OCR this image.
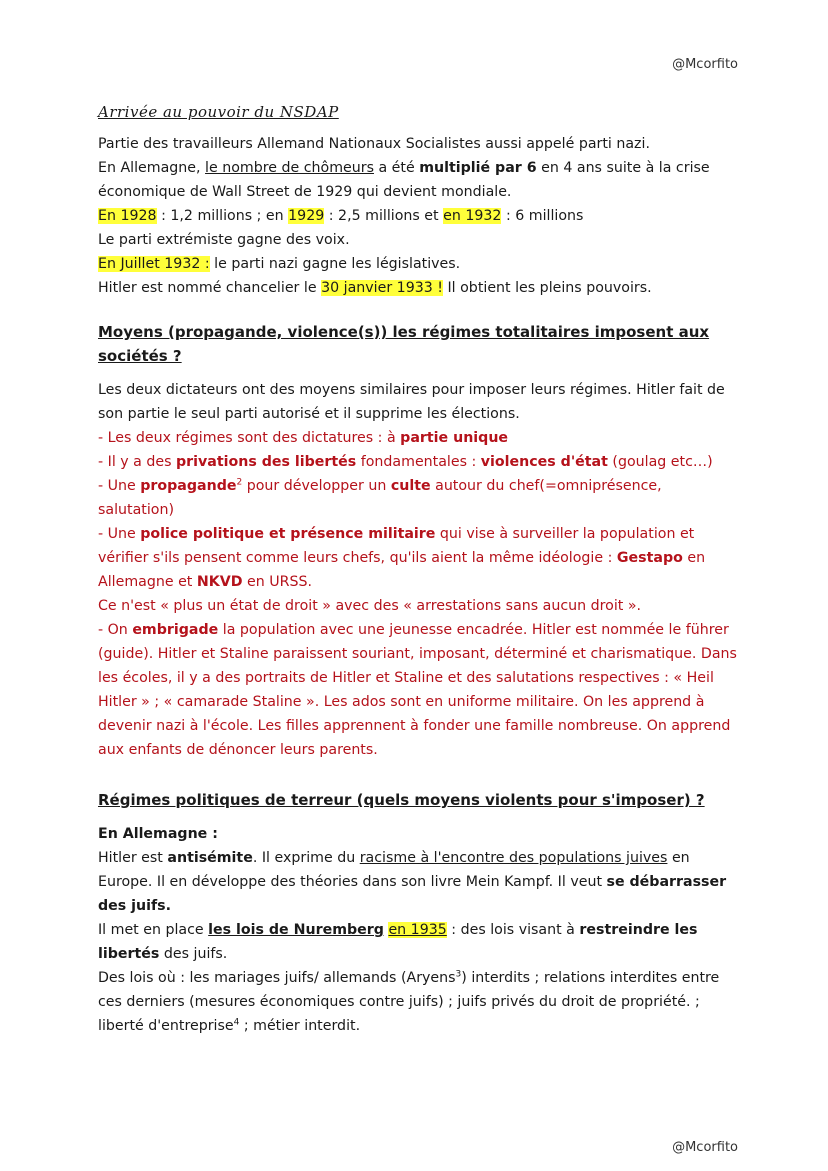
@Mcorfito
Arrivée au pouvoir du NSDAP
Partie des travailleurs Allemand Nationaux Socialistes aussi appelé parti nazi.
En Allemagne, le nombre de chômeurs a été multiplié par 6 en 4 ans suite à la crise
économique de Wall Street de 1929 qui devient mondiale.
En 1928 : 1,2 millions ; en 1929 : 2,5 millions et en 1932 : 6 millions
Le parti extrémiste gagne des voix.
En Juillet 1932 : le parti nazi gagne les législatives.
Hitler est nommé chancelier le 30 janvier 1933 ! Il obtient les pleins pouvoirs.
Moyens (propagande, violence(s)) les régimes totalitaires imposent aux sociétés ?
Les deux dictateurs ont des moyens similaires pour imposer leurs régimes. Hitler fait de son partie le seul parti autorisé et il supprime les élections.
- Les deux régimes sont des dictatures : à partie unique
- Il y a des privations des libertés fondamentales : violences d'état (goulag etc…)
- Une propagande$^2$ pour développer un culte autour du chef(=omniprésence, salutation)
- Une police politique et présence militaire qui vise à surveiller la population et vérifier s'ils pensent comme leurs chefs, qu'ils aient la même idéologie : Gestapo en Allemagne et NKVD en URSS.
Ce n'est « plus un état de droit » avec des « arrestations sans aucun droit ».
- On embrigade la population avec une jeunesse encadrée. Hitler est nommée le führer (guide). Hitler et Staline paraissent souriant, imposant, déterminé et charismatique. Dans les écoles, il y a des portraits de Hitler et Staline et des salutations respectives : « Heil Hitler » ; « camarade Staline ». Les ados sont en uniforme militaire. On les apprend à devenir nazi à l'école. Les filles apprennent à fonder une famille nombreuse. On apprend aux enfants de dénoncer leurs parents.
Régimes politiques de terreur (quels moyens violents pour s'imposer) ?
En Allemagne :
Hitler est antisémite. Il exprime du racisme à l'encontre des populations juives en Europe. Il en développe des théories dans son livre Mein Kampf. Il veut se débarrasser des juifs.
Il met en place les lois de Nuremberg en 1935 : des lois visant à restreindre les libertés des juifs.
Des lois où : les mariages juifs/ allemands (Aryens$^3$) interdits ; relations interdites entre ces derniers (mesures économiques contre juifs) ; juifs privés du droit de propriété. ; liberté d'entreprise$^4$ ; métier interdit.
@Mcorfito
